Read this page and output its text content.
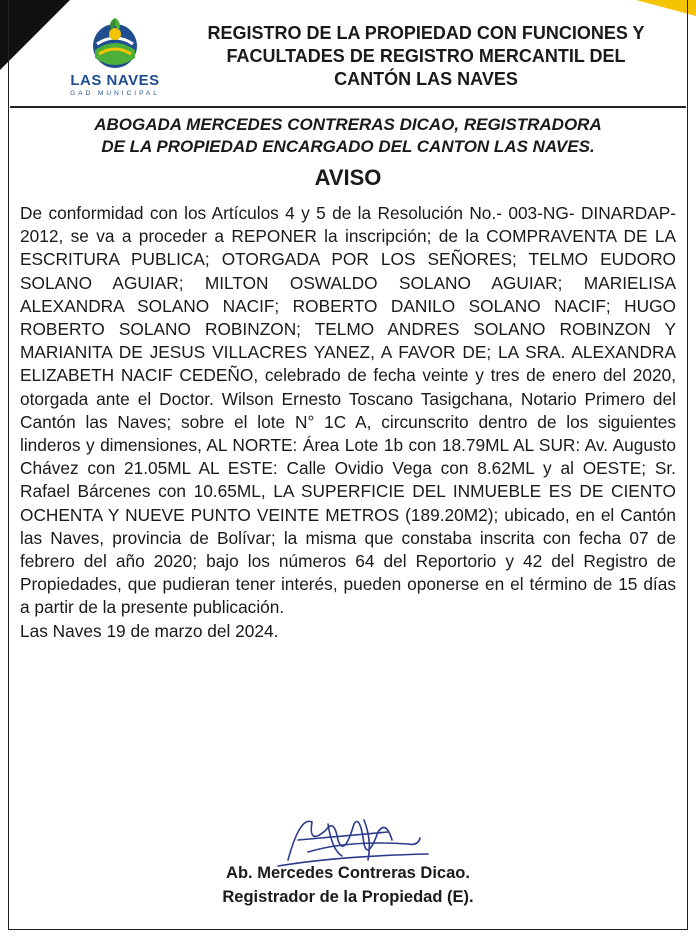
LAS NAVES
GAD MUNICIPAL
REGISTRO DE LA PROPIEDAD CON FUNCIONES Y
FACULTADES DE REGISTRO MERCANTIL DEL
CANTÓN LAS NAVES
ABOGADA MERCEDES CONTRERAS DICAO, REGISTRADORA
DE LA PROPIEDAD ENCARGADO DEL CANTON LAS NAVES.
AVISO

De conformidad con los Artículos 4 y 5 de la Resolución No.- 003-NG- DINARDAP-2012, se va a proceder a REPONER la inscripción; de la COMPRAVENTA DE LA ESCRITURA PUBLICA; OTORGADA POR LOS SEÑORES; TELMO EUDORO SOLANO AGUIAR; MILTON OSWALDO SOLANO AGUIAR; MARIELISA ALEXANDRA SOLANO NACIF; ROBERTO DANILO SOLANO NACIF; HUGO ROBERTO SOLANO ROBINZON; TELMO ANDRES SOLANO ROBINZON Y MARIANITA DE JESUS VILLACRES YANEZ, A FAVOR DE; LA SRA. ALEXANDRA ELIZABETH NACIF CEDEÑO, celebrado de fecha veinte y tres de enero del 2020, otorgada ante el Doctor. Wilson Ernesto Toscano Tasigchana, Notario Primero del Cantón las Naves; sobre el lote N° 1C A, circunscrito dentro de los siguientes linderos y dimensiones, AL NORTE: Área Lote 1b con 18.79ML AL SUR: Av. Augusto Chávez con 21.05ML AL ESTE: Calle Ovidio Vega con 8.62ML y al OESTE; Sr. Rafael Bárcenes con 10.65ML, LA SUPERFICIE DEL INMUEBLE ES DE CIENTO OCHENTA Y NUEVE PUNTO VEINTE METROS (189.20M2); ubicado, en el Cantón las Naves, provincia de Bolívar; la misma que constaba inscrita con fecha 07 de febrero del año 2020; bajo los números 64 del Reportorio y 42 del Registro de Propiedades, que pudieran tener interés, pueden oponerse en el término de 15 días a partir de la presente publicación.

Las Naves 19 de marzo del 2024.

Ab. Mercedes Contreras Dicao.
Registrador de la Propiedad (E).
